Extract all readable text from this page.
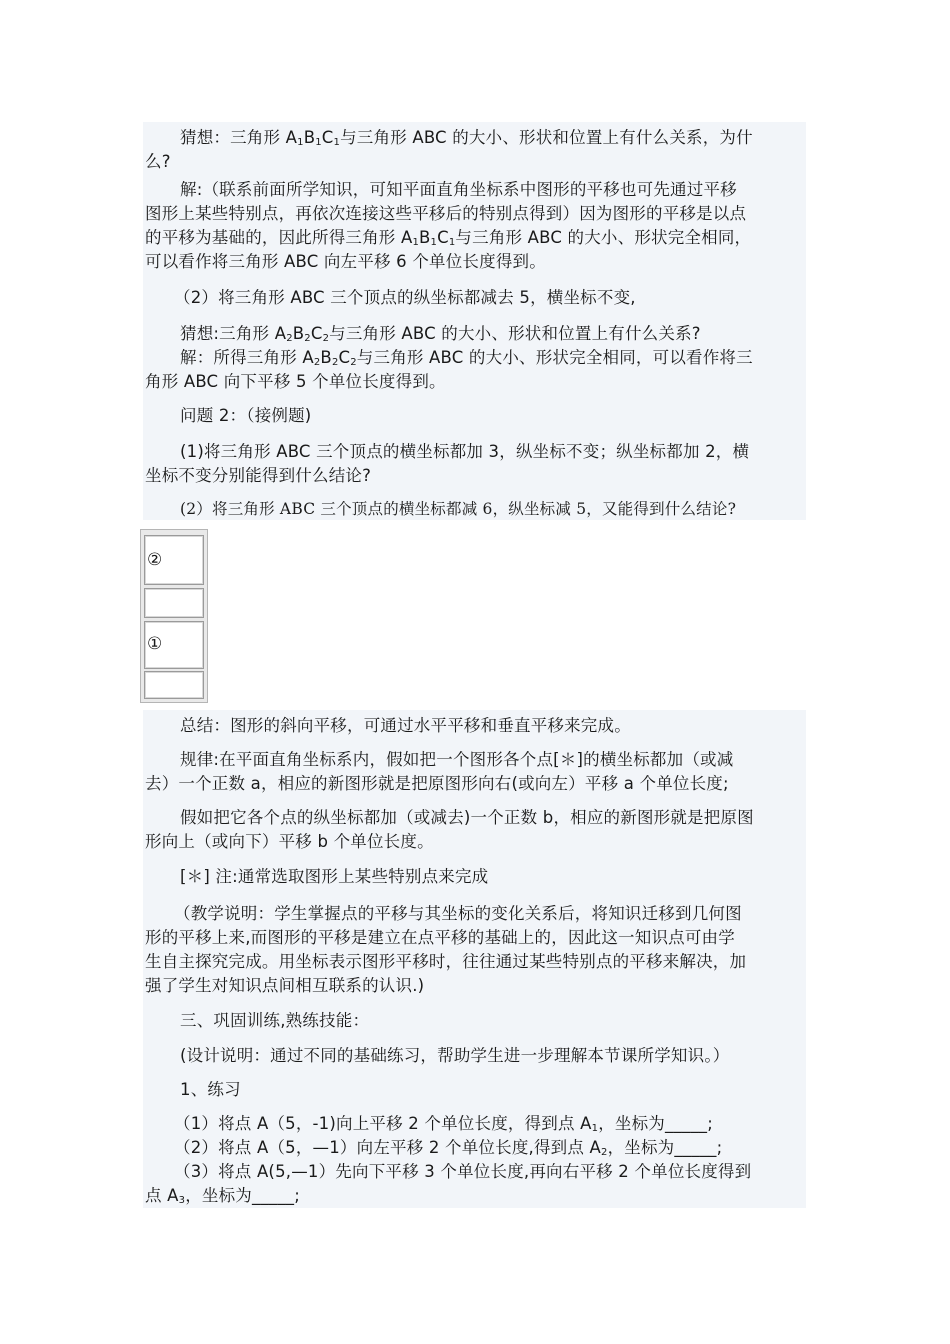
猜想：三角形 $A_1B_1C_1$与三角形 ABC 的大小、形状和位置上有什么关系，为什
么?
解:（联系前面所学知识，可知平面直角坐标系中图形的平移也可先通过平移
图形上某些特别点，再依次连接这些平移后的特别点得到）因为图形的平移是以点
的平移为基础的，因此所得三角形 $A_1B_1C_1$与三角形 ABC 的大小、形状完全相同，
可以看作将三角形 ABC 向左平移 6 个单位长度得到。
（2）将三角形 ABC 三个顶点的纵坐标都减去 5，横坐标不变,
猜想:三角形 $A_2B_2C_2$与三角形 ABC 的大小、形状和位置上有什么关系?
解：所得三角形 $A_2B_2C_2$与三角形 ABC 的大小、形状完全相同，可以看作将三
角形 ABC 向下平移 5 个单位长度得到。
问题 2：（接例题)
(1)将三角形 ABC 三个顶点的横坐标都加 3，纵坐标不变；纵坐标都加 2，横
坐标不变分别能得到什么结论?
(2）将三角形 ABC 三个顶点的横坐标都减 6，纵坐标减 5，又能得到什么结论?
②
①
总结：图形的斜向平移，可通过水平平移和垂直平移来完成。
规律:在平面直角坐标系内，假如把一个图形各个点[＊]的横坐标都加（或减
去）一个正数 a，相应的新图形就是把原图形向右(或向左）平移 a 个单位长度;
假如把它各个点的纵坐标都加（或减去)一个正数 b，相应的新图形就是把原图
形向上（或向下）平移 b 个单位长度。
[＊] 注:通常选取图形上某些特别点来完成
（教学说明：学生掌握点的平移与其坐标的变化关系后，将知识迁移到几何图
形的平移上来,而图形的平移是建立在点平移的基础上的，因此这一知识点可由学
生自主探究完成。用坐标表示图形平移时，往往通过某些特别点的平移来解决，加
强了学生对知识点间相互联系的认识.)
三、巩固训练,熟练技能：
(设计说明：通过不同的基础练习，帮助学生进一步理解本节课所学知识。）
1、练习
（1）将点 A（5，-1)向上平移 2 个单位长度，得到点 $A_1$，坐标为_____;
（2）将点 A（5，—1）向左平移 2 个单位长度,得到点 $A_2$，坐标为_____;
（3）将点 A(5,—1）先向下平移 3 个单位长度,再向右平移 2 个单位长度得到
点 $A_3$，坐标为_____;
